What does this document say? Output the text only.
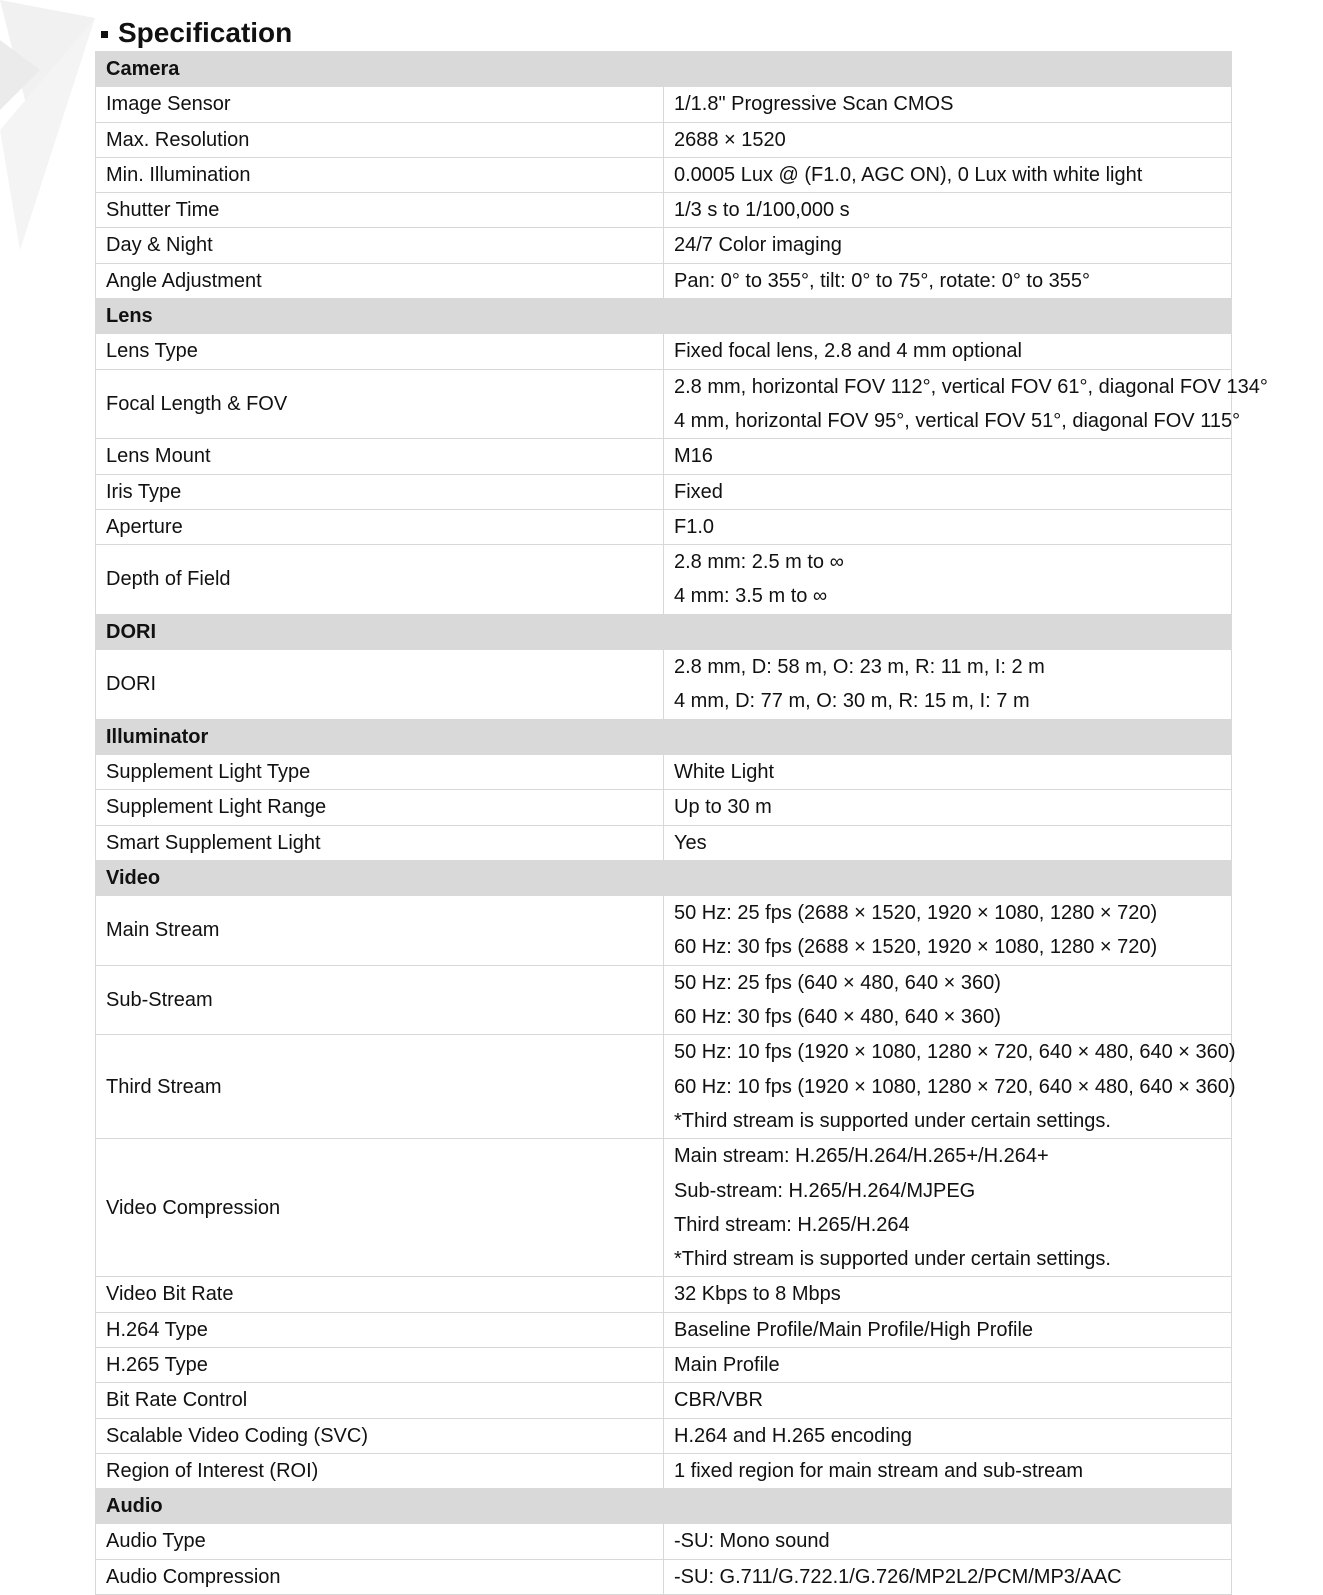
Specification
Camera	
Image Sensor	1/1.8" Progressive Scan CMOS

Max. Resolution	2688 × 1520

Min. Illumination	0.0005 Lux @ (F1.0, AGC ON), 0 Lux with white light

Shutter Time	1/3 s to 1/100,000 s

Day & Night	24/7 Color imaging

Angle Adjustment	Pan: 0° to 355°, tilt: 0° to 75°, rotate: 0° to 355°

Lens	
Lens Type	Fixed focal lens, 2.8 and 4 mm optional

Focal Length & FOV	2.8 mm, horizontal FOV 112°, vertical FOV 61°, diagonal FOV 134°
4 mm, horizontal FOV 95°, vertical FOV 51°, diagonal FOV 115°

Lens Mount	M16

Iris Type	Fixed

Aperture	F1.0

Depth of Field	2.8 mm: 2.5 m to ∞
4 mm: 3.5 m to ∞

DORI	
DORI	2.8 mm, D: 58 m, O: 23 m, R: 11 m, I: 2 m
4 mm, D: 77 m, O: 30 m, R: 15 m, I: 7 m

Illuminator	
Supplement Light Type	White Light

Supplement Light Range	Up to 30 m

Smart Supplement Light	Yes

Video	
Main Stream	50 Hz: 25 fps (2688 × 1520, 1920 × 1080, 1280 × 720)
60 Hz: 30 fps (2688 × 1520, 1920 × 1080, 1280 × 720)

Sub-Stream	50 Hz: 25 fps (640 × 480, 640 × 360)
60 Hz: 30 fps (640 × 480, 640 × 360)

Third Stream	50 Hz: 10 fps (1920 × 1080, 1280 × 720, 640 × 480, 640 × 360)
60 Hz: 10 fps (1920 × 1080, 1280 × 720, 640 × 480, 640 × 360)
*Third stream is supported under certain settings.

Video Compression	Main stream: H.265/H.264/H.265+/H.264+
Sub-stream: H.265/H.264/MJPEG
Third stream: H.265/H.264
*Third stream is supported under certain settings.

Video Bit Rate	32 Kbps to 8 Mbps

H.264 Type	Baseline Profile/Main Profile/High Profile

H.265 Type	Main Profile

Bit Rate Control	CBR/VBR

Scalable Video Coding (SVC)	H.264 and H.265 encoding

Region of Interest (ROI)	1 fixed region for main stream and sub-stream

Audio	
Audio Type	-SU: Mono sound

Audio Compression	-SU: G.711/G.722.1/G.726/MP2L2/PCM/MP3/AAC
